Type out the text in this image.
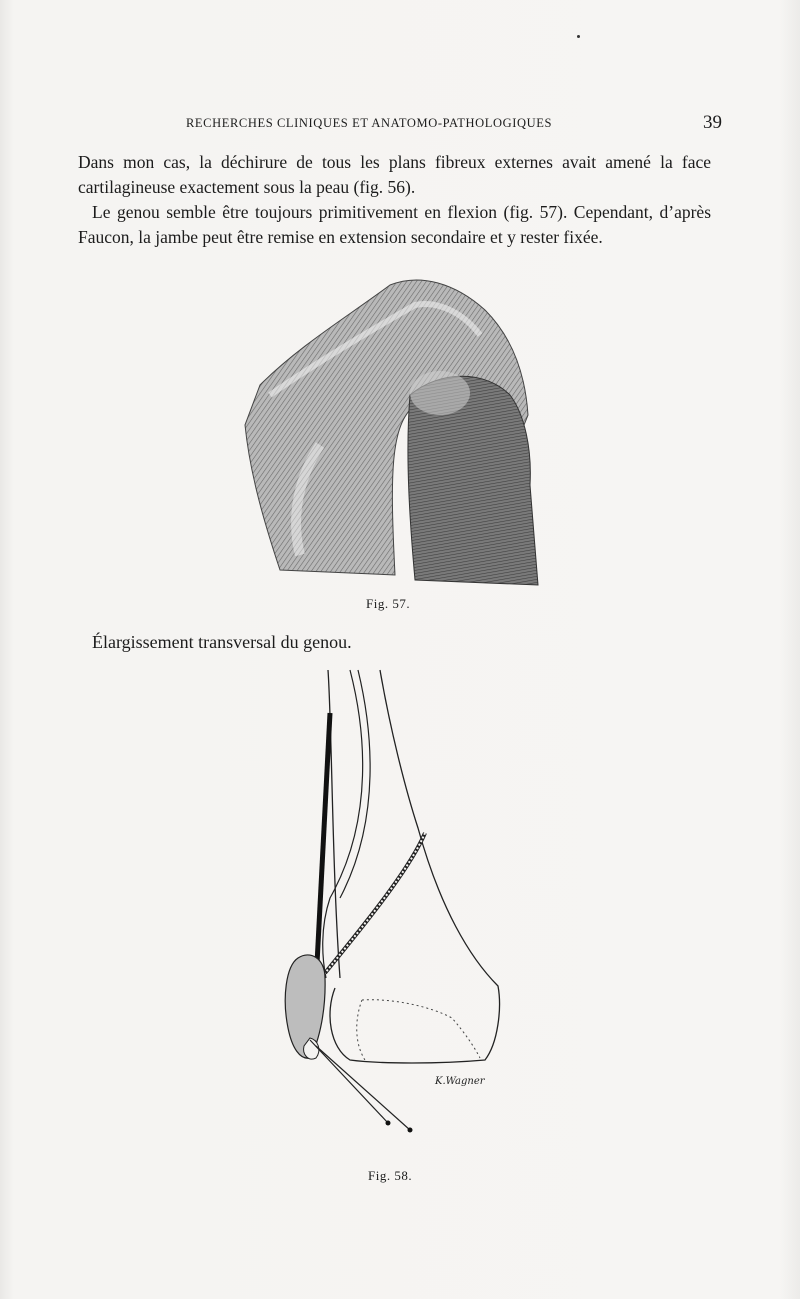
RECHERCHES CLINIQUES ET ANATOMO-PATHOLOGIQUES	39

Dans mon cas, la déchirure de tous les plans fibreux externes avait amené la face cartilagineuse exactement sous la peau (fig. 56).

Le genou semble être toujours primitivement en flexion (fig. 57). Cependant, d’après Faucon, la jambe peut être remise en extension secondaire et y rester fixée.

Fig. 57.
Élargissement transversal du genou.
K.Wagner
Fig. 58.
